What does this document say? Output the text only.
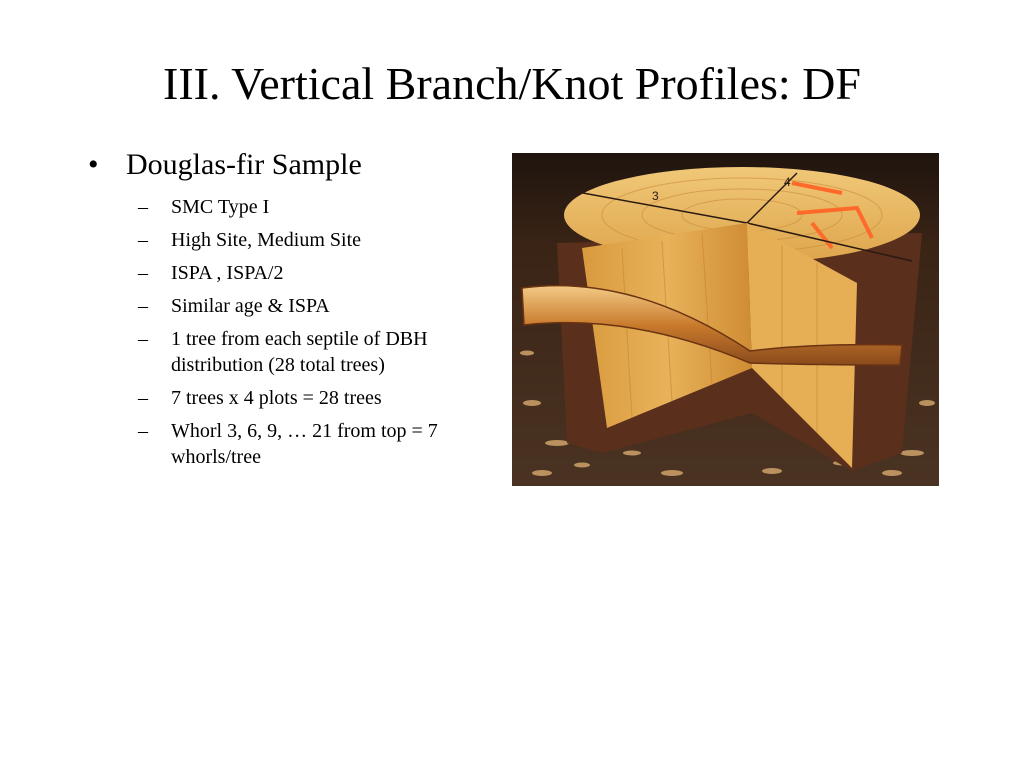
III. Vertical Branch/Knot Profiles: DF
• Douglas-fir Sample
–	SMC Type I
–	High Site, Medium Site
–	ISPA , ISPA/2
–	Similar age & ISPA
–	1 tree from each septile of DBH distribution (28 total trees)
–	7 trees x 4 plots = 28 trees
–	Whorl 3, 6, 9, … 21 from top = 7 whorls/tree
3
4
